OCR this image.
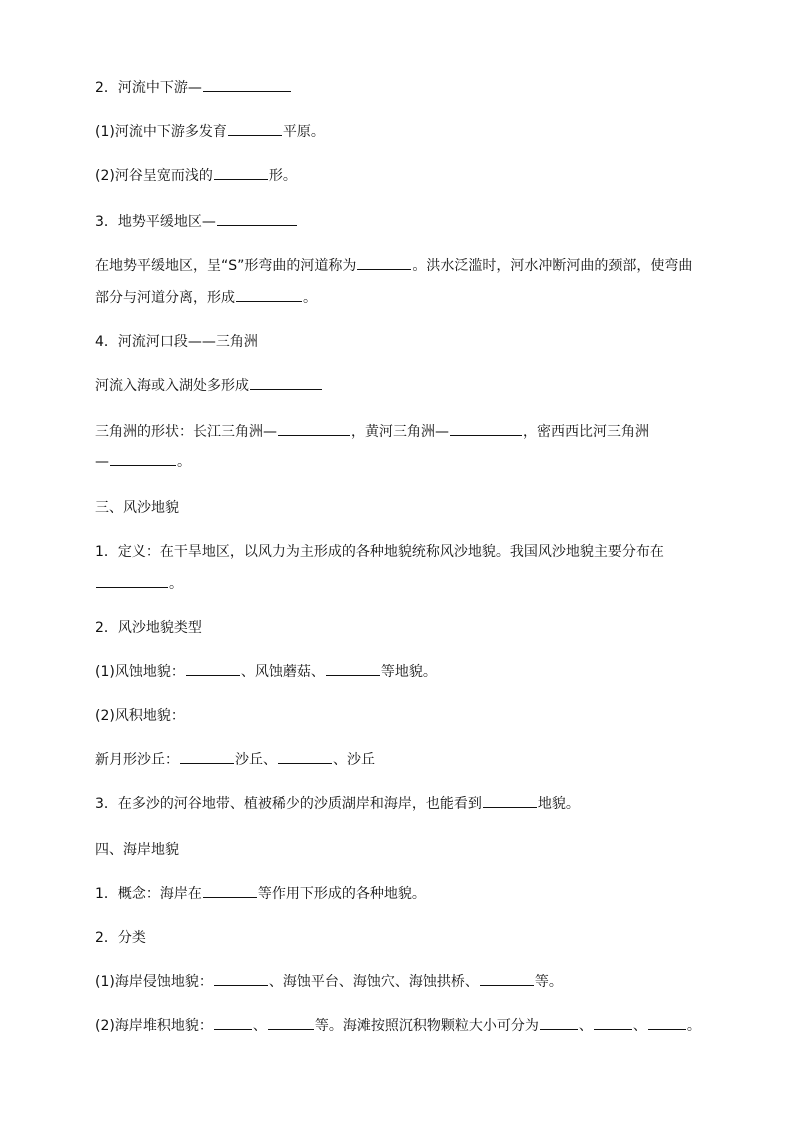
2．河流中下游—
(1)河流中下游多发育	平原。
(2)河谷呈宽而浅的	形。
3．地势平缓地区—
在地势平缓地区，呈“S”形弯曲的河道称为	。洪水泛滥时，河水冲断河曲的颈部，使弯曲
部分与河道分离，形成	。
4．河流河口段——三角洲
河流入海或入湖处多形成
三角洲的形状：长江三角洲—	，黄河三角洲—	，密西西比河三角洲
—	。
三、风沙地貌
1．定义：在干旱地区，以风力为主形成的各种地貌统称风沙地貌。我国风沙地貌主要分布在
。
2．风沙地貌类型
(1)风蚀地貌：	、风蚀蘑菇、	等地貌。
(2)风积地貌：
新月形沙丘：	沙丘、	、沙丘
3．在多沙的河谷地带、植被稀少的沙质湖岸和海岸，也能看到	地貌。
四、海岸地貌
1．概念：海岸在	等作用下形成的各种地貌。
2．分类
(1)海岸侵蚀地貌：	、海蚀平台、海蚀穴、海蚀拱桥、	等。
(2)海岸堆积地貌：	、	等。海滩按照沉积物颗粒大小可分为	、	、	。
